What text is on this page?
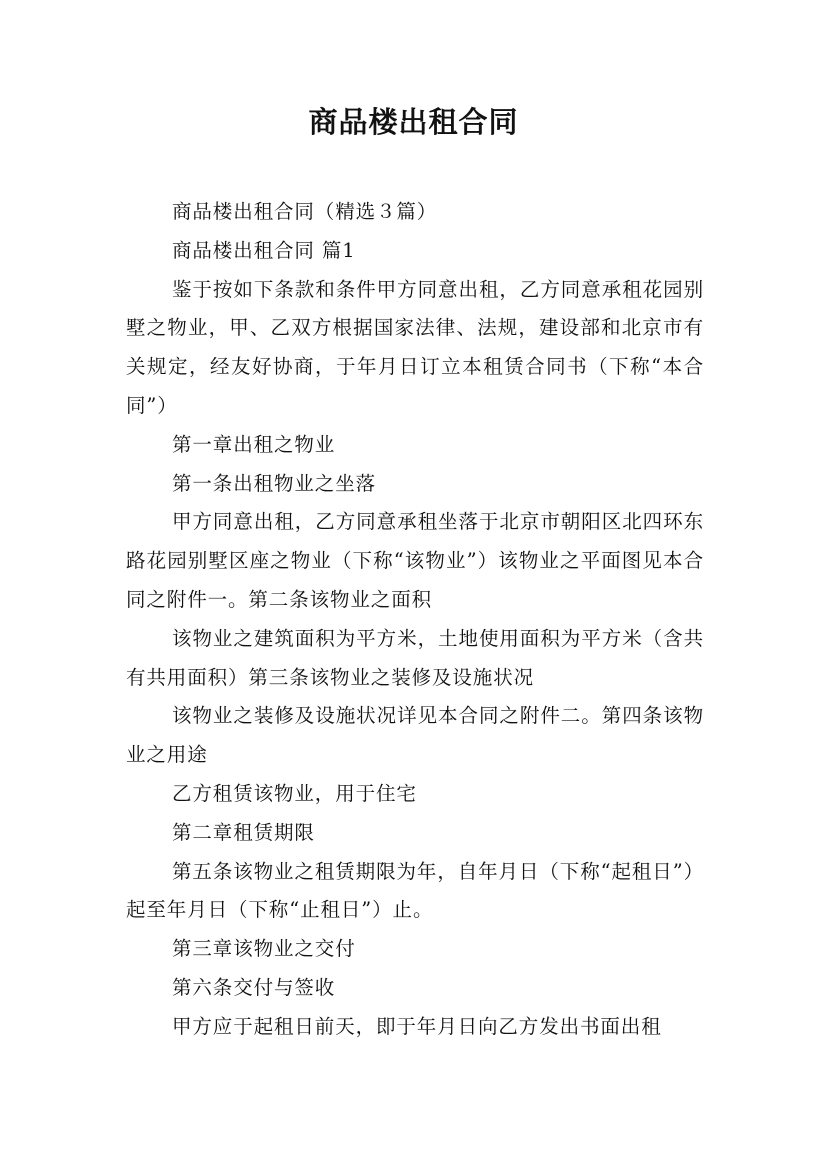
商品楼出租合同

商品楼出租合同（精选３篇）

商品楼出租合同 篇1

鉴于按如下条款和条件甲方同意出租，乙方同意承租花园别墅之物业，甲、乙双方根据国家法律、法规，建设部和北京市有关规定，经友好协商，于年月日订立本租赁合同书（下称“本合同”）

第一章出租之物业

第一条出租物业之坐落

甲方同意出租，乙方同意承租坐落于北京市朝阳区北四环东路花园别墅区座之物业（下称“该物业”）该物业之平面图见本合同之附件一。第二条该物业之面积

该物业之建筑面积为平方米，土地使用面积为平方米（含共有共用面积）第三条该物业之装修及设施状况

该物业之装修及设施状况详见本合同之附件二。第四条该物业之用途

乙方租赁该物业，用于住宅

第二章租赁期限

第五条该物业之租赁期限为年，自年月日（下称“起租日”）起至年月日（下称“止租日”）止。

第三章该物业之交付

第六条交付与签收

甲方应于起租日前天，即于年月日向乙方发出书面出租
